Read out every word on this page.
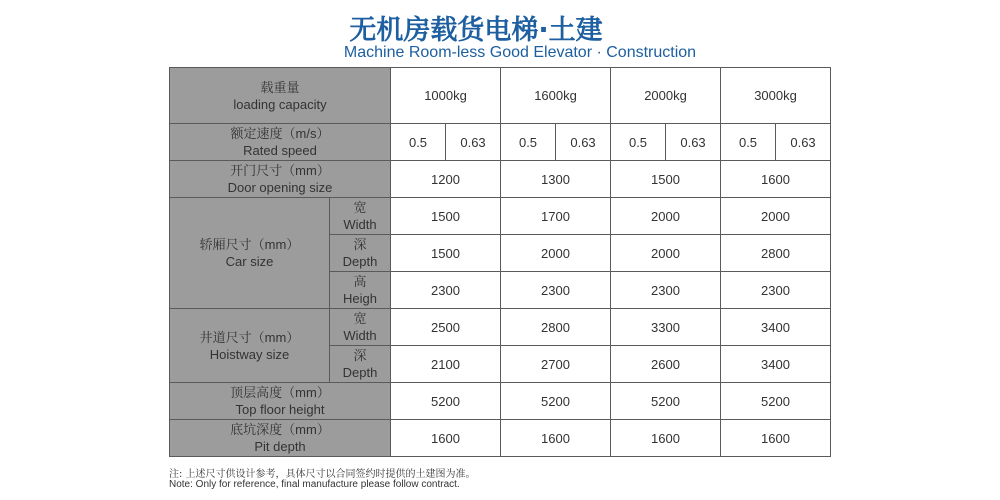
无机房载货电梯·土建
Machine Room-less Good Elevator · Construction
载重量
loading capacity		1000kg		1600kg		2000kg		3000kg	

额定速度（m/s）
Rated speed		0.5	0.63	0.5	0.63	0.5	0.63	0.5	0.63

开门尺寸（mm）
Door opening size		1200		1300		1500		1600	

轿厢尺寸（mm）
Car size	宽
Width	1500		1700		2000		2000	

	深
Depth	1500		2000		2000		2800	

	高
Heigh	2300		2300		2300		2300	

井道尺寸（mm）
Hoistway size	宽
Width	2500		2800		3300		3400	

	深
Depth	2100		2700		2600		3400	

顶层高度（mm）
Top floor height		5200		5200		5200		5200	

底坑深度（mm）
Pit depth		1600		1600		1600		1600	
注: 上述尺寸供设计参考，具体尺寸以合同签约时提供的土建图为准。
Note: Only for reference, final manufacture please follow contract.
